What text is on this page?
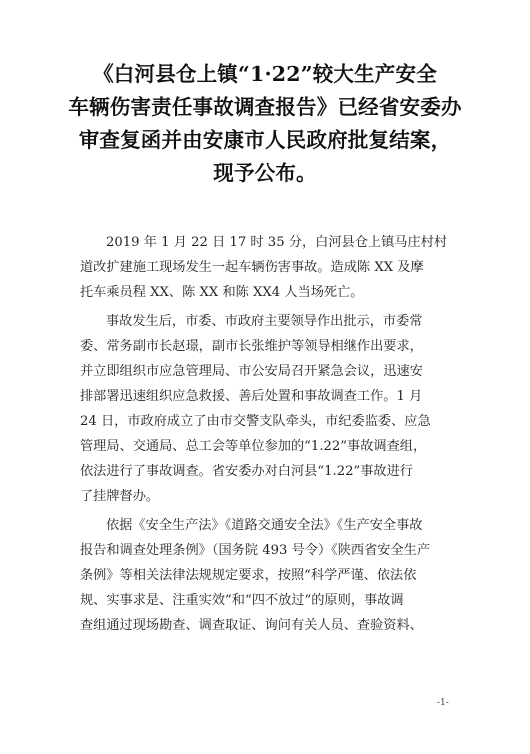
《白河县仓上镇“1·22”较大生产安全
车辆伤害责任事故调查报告》已经省安委办
审查复函并由安康市人民政府批复结案，
现予公布。
2019 年 1 月 22 日 17 时 35 分，白河县仓上镇马庄村村
道改扩建施工现场发生一起车辆伤害事故。造成陈 XX 及摩
托车乘员程 XX、陈 XX 和陈 XX4 人当场死亡。
事故发生后，市委、市政府主要领导作出批示，市委常
委、常务副市长赵璟，副市长张维护等领导相继作出要求，
并立即组织市应急管理局、市公安局召开紧急会议，迅速安
排部署迅速组织应急救援、善后处置和事故调查工作。1 月
24 日，市政府成立了由市交警支队牵头，市纪委监委、应急
管理局、交通局、总工会等单位参加的“1.22”事故调查组，
依法进行了事故调查。省安委办对白河县“1.22”事故进行
了挂牌督办。
依据《安全生产法》《道路交通安全法》《生产安全事故
报告和调查处理条例》（国务院 493 号令）《陕西省安全生产
条例》等相关法律法规规定要求，按照“科学严谨、依法依
规、实事求是、注重实效”和“四不放过”的原则，事故调
查组通过现场勘查、调查取证、询问有关人员、查验资料、
-1-
